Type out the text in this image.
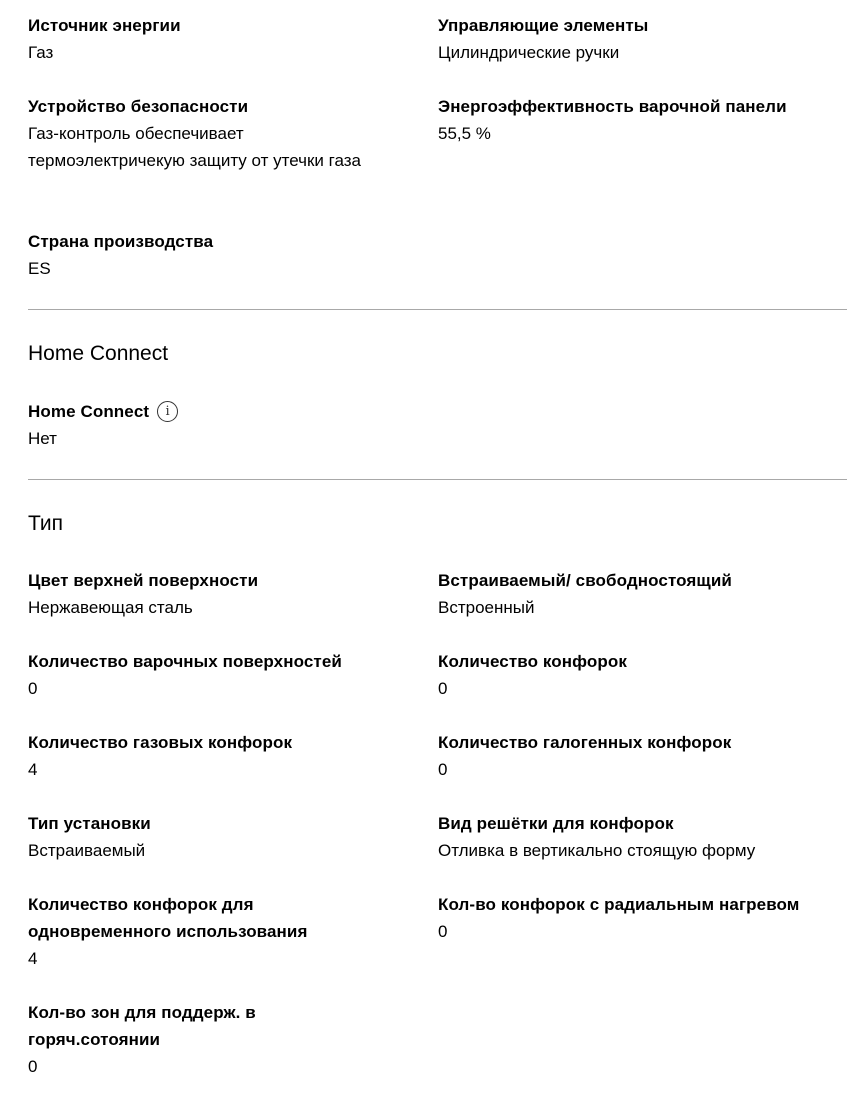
Источник энергии
Газ
Управляющие элементы
Цилиндрические ручки
Устройство безопасности
Газ-контроль обеспечивает термоэлектричекую защиту от утечки газа
Энергоэффективность варочной панели
55,5 %
Страна производства
ES
Home Connect
Home Connect	i
Нет
Тип
Цвет верхней поверхности
Нержавеющая сталь
Встраиваемый/ свободностоящий
Встроенный
Количество варочных поверхностей
0
Количество конфорок
0
Количество газовых конфорок
4
Количество галогенных конфорок
0
Тип установки
Встраиваемый
Вид решётки для конфорок
Отливка в вертикально стоящую форму
Количество конфорок для одновременного использования
4
Кол-во конфорок с радиальным нагревом
0
Кол-во зон для поддерж. в горяч.сотоянии
0
